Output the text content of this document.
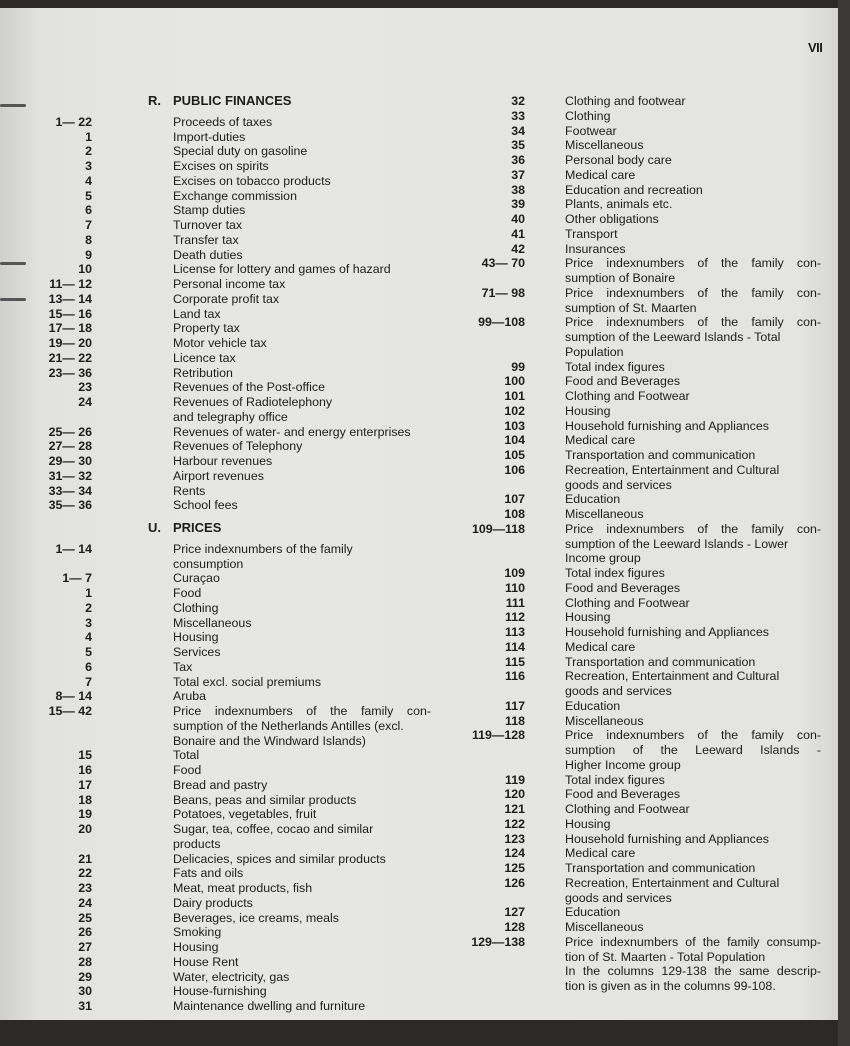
VII
R. PUBLIC FINANCES
1— 22	Proceeds of taxes
1	Import-duties
2	Special duty on gasoline
3	Excises on spirits
4	Excises on tobacco products
5	Exchange commission
6	Stamp duties
7	Turnover tax
8	Transfer tax
9	Death duties
10	License for lottery and games of hazard
11— 12	Personal income tax
13— 14	Corporate profit tax
15— 16	Land tax
17— 18	Property tax
19— 20	Motor vehicle tax
21— 22	Licence tax
23— 36	Retribution
23	Revenues of the Post-office
24	Revenues of Radiotelephony
and telegraphy office
25— 26	Revenues of water- and energy enterprises
27— 28	Revenues of Telephony
29— 30	Harbour revenues
31— 32	Airport revenues
33— 34	Rents
35— 36	School fees
U. PRICES
1— 14	Price indexnumbers of the family
consumption
1— 7	Curaçao
1	Food
2	Clothing
3	Miscellaneous
4	Housing
5	Services
6	Tax
7	Total excl. social premiums
8— 14	Aruba
15— 42	Price indexnumbers of the family con-
sumption of the Netherlands Antilles (excl.
Bonaire and the Windward Islands)
15	Total
16	Food
17	Bread and pastry
18	Beans, peas and similar products
19	Potatoes, vegetables, fruit
20	Sugar, tea, coffee, cocao and similar
products
21	Delicacies, spices and similar products
22	Fats and oils
23	Meat, meat products, fish
24	Dairy products
25	Beverages, ice creams, meals
26	Smoking
27	Housing
28	House Rent
29	Water, electricity, gas
30	House-furnishing
31	Maintenance dwelling and furniture
32	Clothing and footwear
33	Clothing
34	Footwear
35	Miscellaneous
36	Personal body care
37	Medical care
38	Education and recreation
39	Plants, animals etc.
40	Other obligations
41	Transport
42	Insurances
43— 70	Price indexnumbers of the family con-
sumption of Bonaire
71— 98	Price indexnumbers of the family con-
sumption of St. Maarten
99—108	Price indexnumbers of the family con-
sumption of the Leeward Islands - Total
Population
99	Total index figures
100	Food and Beverages
101	Clothing and Footwear
102	Housing
103	Household furnishing and Appliances
104	Medical care
105	Transportation and communication
106	Recreation, Entertainment and Cultural
goods and services
107	Education
108	Miscellaneous
109—118	Price indexnumbers of the family con-
sumption of the Leeward Islands - Lower
Income group
109	Total index figures
110	Food and Beverages
111	Clothing and Footwear
112	Housing
113	Household furnishing and Appliances
114	Medical care
115	Transportation and communication
116	Recreation, Entertainment and Cultural
goods and services
117	Education
118	Miscellaneous
119—128	Price indexnumbers of the family con-
sumption of the Leeward Islands -
Higher Income group
119	Total index figures
120	Food and Beverages
121	Clothing and Footwear
122	Housing
123	Household furnishing and Appliances
124	Medical care
125	Transportation and communication
126	Recreation, Entertainment and Cultural
goods and services
127	Education
128	Miscellaneous
129—138	Price indexnumbers of the family consump-
tion of St. Maarten - Total Population
In the columns 129-138 the same descrip-
tion is given as in the columns 99-108.
